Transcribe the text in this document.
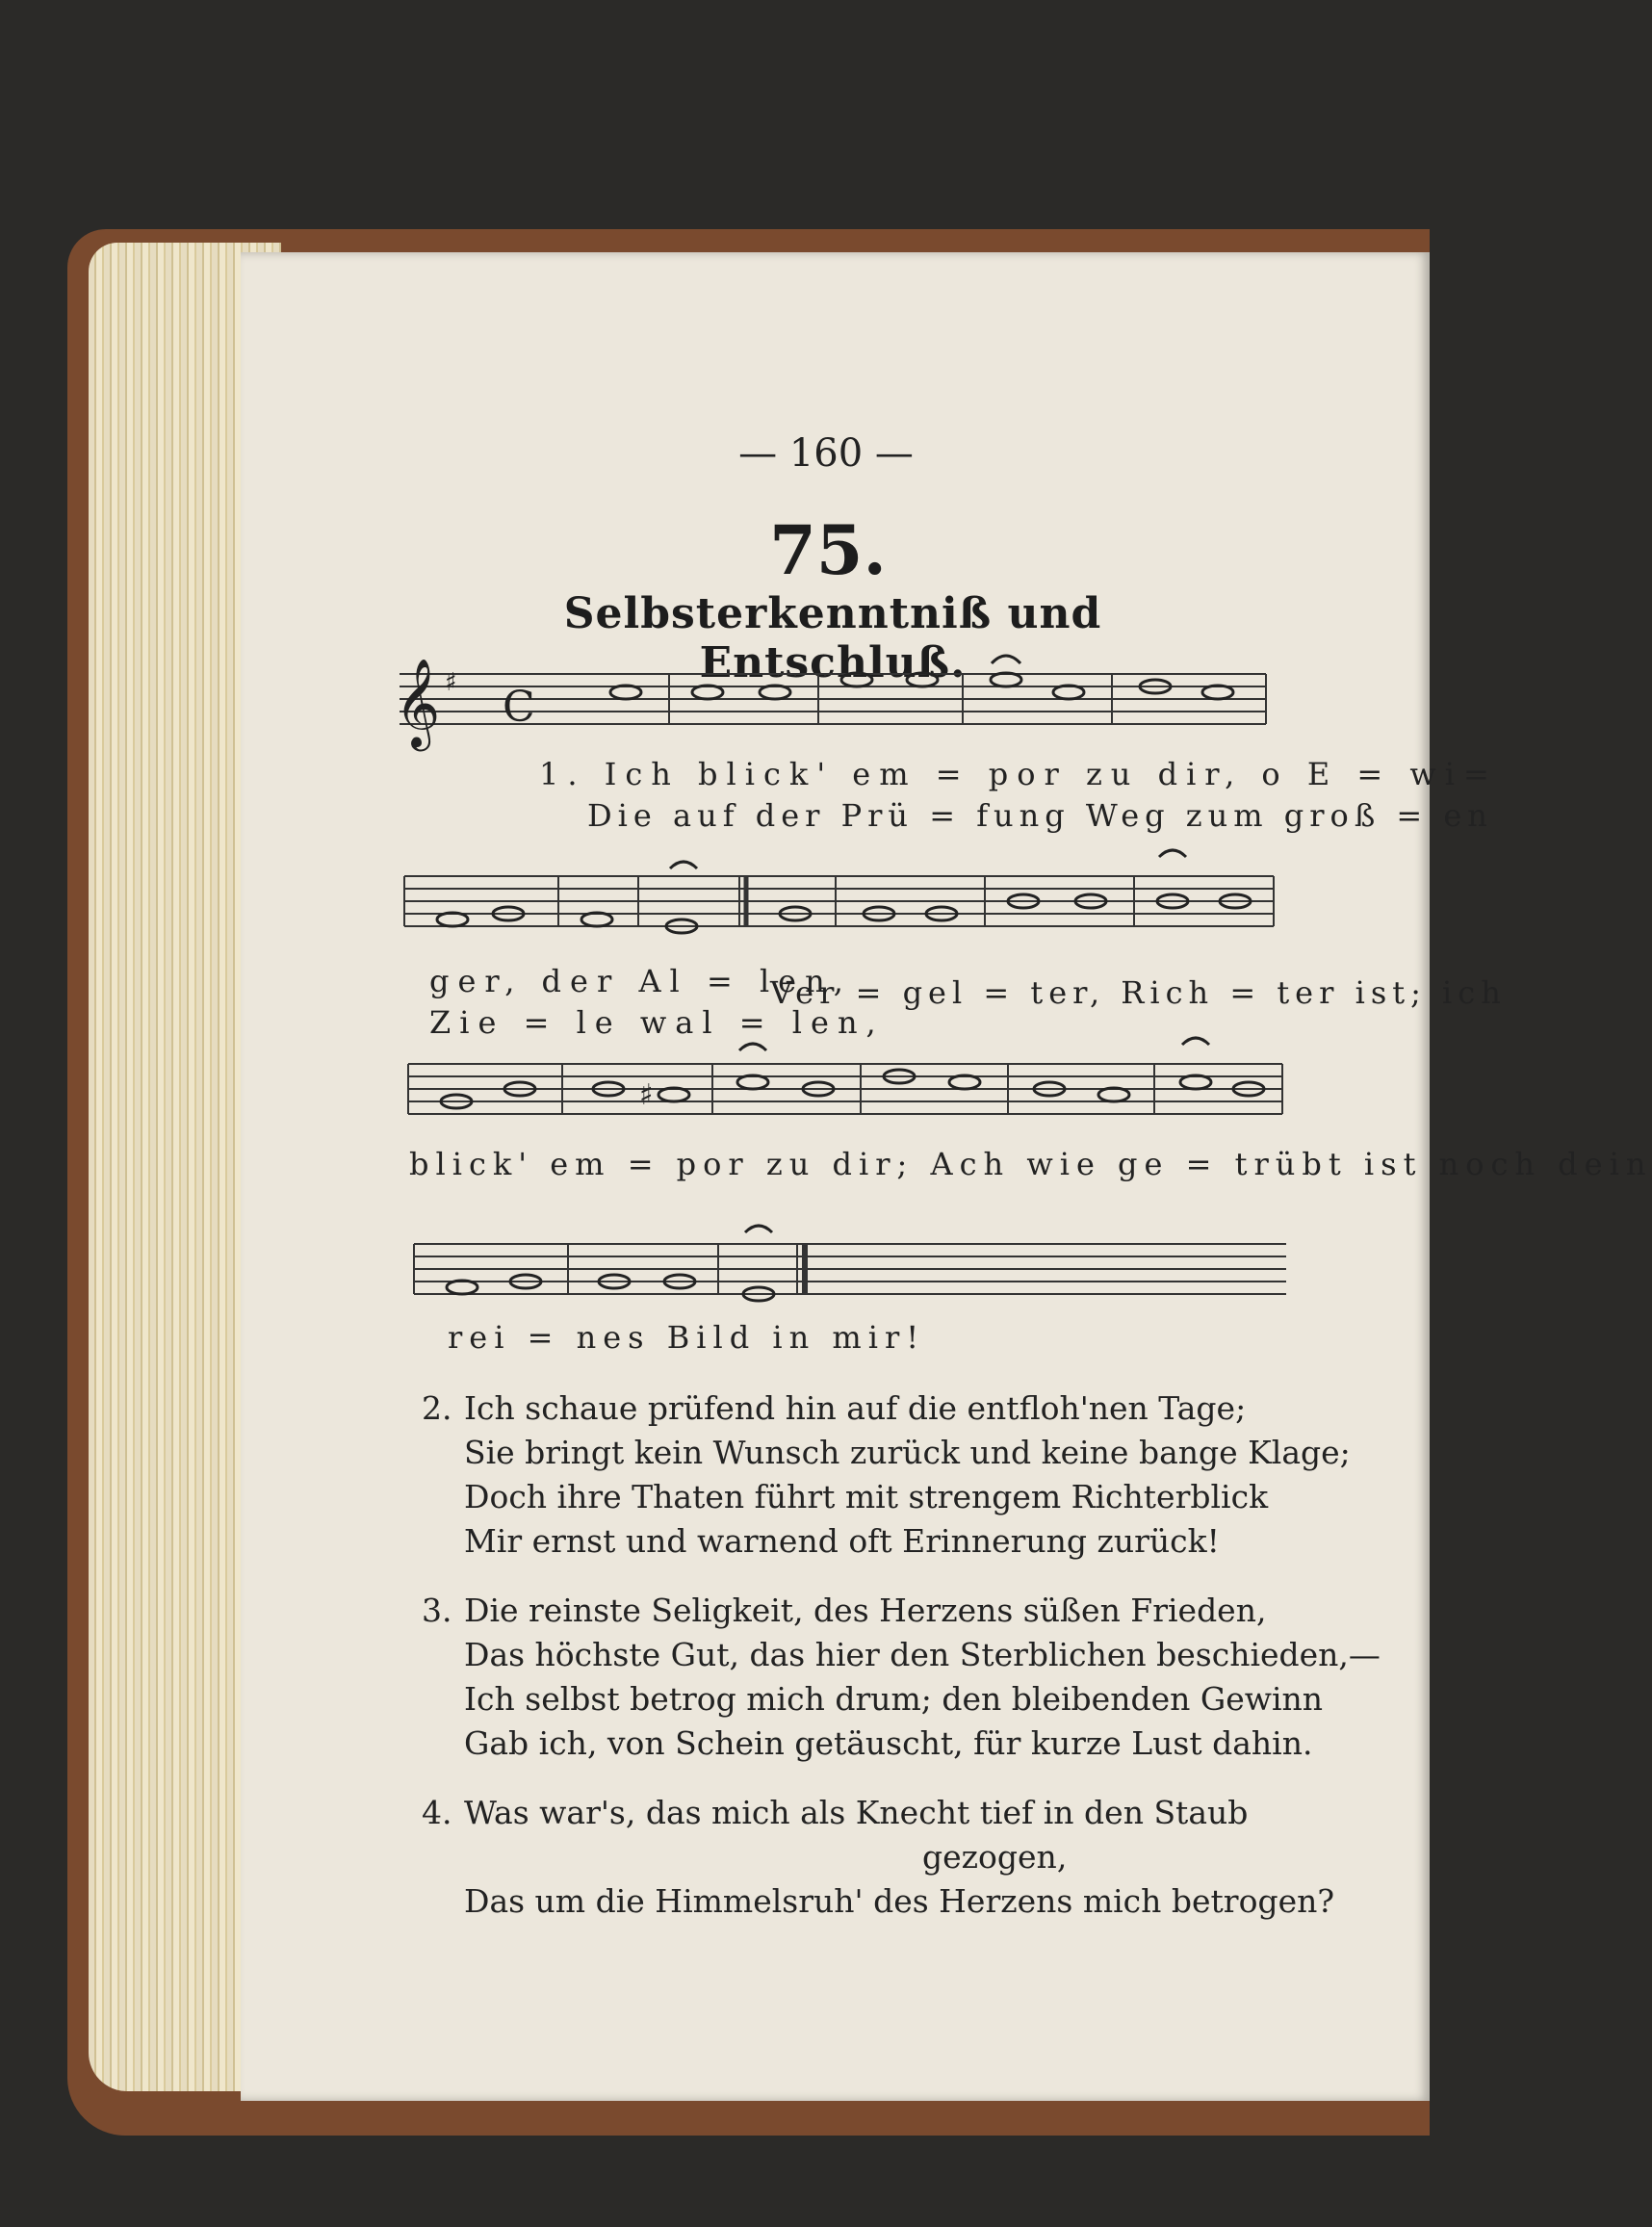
— 160 —
75.
Selbsterkenntniß und Entschluß.
𝄞 ♯ C
1. Ich blick' em = por zu dir, o E = wi=
Die auf der Prü = fung Weg zum groß = en
ger, der Al = len,
Zie = le wal = len,
Ver = gel = ter, Rich = ter ist; ich
♯
blick' em = por zu dir; Ach wie ge = trübt ist noch dein
rei = nes Bild in mir!
2. Ich schaue prüfend hin auf die entfloh'nen Tage;
Sie bringt kein Wunsch zurück und keine bange Klage;
Doch ihre Thaten führt mit strengem Richterblick
Mir ernst und warnend oft Erinnerung zurück!
3. Die reinste Seligkeit, des Herzens süßen Frieden,
Das höchste Gut, das hier den Sterblichen beschieden,—
Ich selbst betrog mich drum; den bleibenden Gewinn
Gab ich, von Schein getäuscht, für kurze Lust dahin.
4. Was war's, das mich als Knecht tief in den Staub
gezogen,
Das um die Himmelsruh' des Herzens mich betrogen?
